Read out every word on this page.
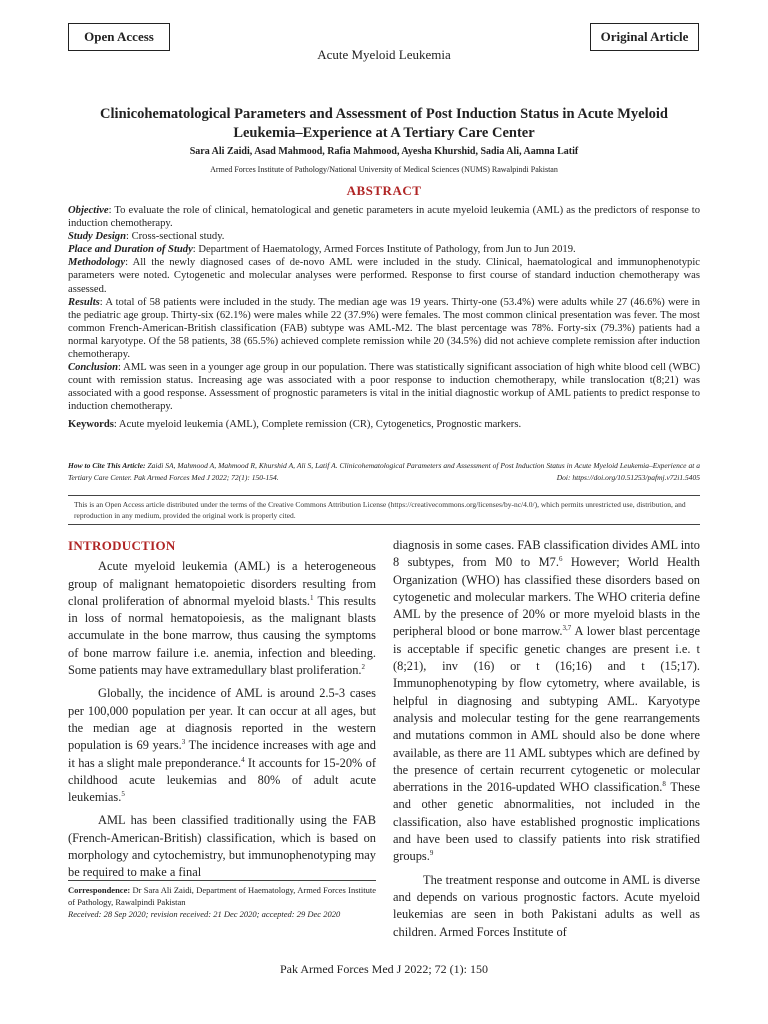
Open Access	Original Article
Acute Myeloid Leukemia
Clinicohematological Parameters and Assessment of Post Induction Status in Acute Myeloid
Leukemia–Experience at A Tertiary Care Center
Sara Ali Zaidi, Asad Mahmood, Rafia Mahmood, Ayesha Khurshid, Sadia Ali, Aamna Latif
Armed Forces Institute of Pathology/National University of Medical Sciences (NUMS) Rawalpindi Pakistan
ABSTRACT

Objective: To evaluate the role of clinical, hematological and genetic parameters in acute myeloid leukemia (AML) as the predictors of response to induction chemotherapy.

Study Design: Cross-sectional study.

Place and Duration of Study: Department of Haematology, Armed Forces Institute of Pathology, from Jun to Jun 2019.

Methodology: All the newly diagnosed cases of de-novo AML were included in the study. Clinical, haematological and immunophenotypic parameters were noted. Cytogenetic and molecular analyses were performed. Response to first course of standard induction chemotherapy was assessed.

Results: A total of 58 patients were included in the study. The median age was 19 years. Thirty-one (53.4%) were adults while 27 (46.6%) were in the pediatric age group. Thirty-six (62.1%) were males while 22 (37.9%) were females. The most common clinical presentation was fever. The most common French-American-British classification (FAB) subtype was AML-M2. The blast percentage was 78%. Forty-six (79.3%) patients had a normal karyotype. Of the 58 patients, 38 (65.5%) achieved complete remission while 20 (34.5%) did not achieve complete remission after induction chemotherapy.

Conclusion: AML was seen in a younger age group in our population. There was statistically significant association of high white blood cell (WBC) count with remission status. Increasing age was associated with a poor response to induction chemotherapy, while translocation t(8;21) was associated with a good response. Assessment of prognostic parameters is vital in the initial diagnostic workup of AML patients to predict response to induction chemotherapy.

Keywords: Acute myeloid leukemia (AML), Complete remission (CR), Cytogenetics, Prognostic markers.

How to Cite This Article: Zaidi SA, Mahmood A, Mahmood R, Khurshid A, Ali S, Latif A. Clinicohematological Parameters and Assessment of Post Induction Status in Acute Myeloid Leukemia–Experience at a Tertiary Care Center. Pak Armed Forces Med J 2022; 72(1): 150-154.	Doi: https://doi.org/10.51253/pafmj.v72i1.5405
This is an Open Access article distributed under the terms of the Creative Commons Attribution License (https://creativecommons.org/licenses/by-nc/4.0/), which permits unrestricted use, distribution, and reproduction in any medium, provided the original work is properly cited.
INTRODUCTION

Acute myeloid leukemia (AML) is a heterogeneous group of malignant hematopoietic disorders resulting from clonal proliferation of abnormal myeloid blasts.$^1$ This results in loss of normal hematopoiesis, as the malignant blasts accumulate in the bone marrow, thus causing the symptoms of bone marrow failure i.e. anemia, infection and bleeding. Some patients may have extramedullary blast proliferation.$^2$

Globally, the incidence of AML is around 2.5-3 cases per 100,000 population per year. It can occur at all ages, but the median age at diagnosis reported in the western population is 69 years.$^3$ The incidence increases with age and it has a slight male preponderance.$^4$ It accounts for 15-20% of childhood acute leukemias and 80% of adult acute leukemias.$^5$

AML has been classified traditionally using the FAB (French-American-British) classification, which is based on morphology and cytochemistry, but immunophenotyping may be required to make a final

diagnosis in some cases. FAB classification divides AML into 8 subtypes, from M0 to M7.$^6$ However; World Health Organization (WHO) has classified these disorders based on cytogenetic and molecular markers. The WHO criteria define AML by the presence of 20% or more myeloid blasts in the peripheral blood or bone marrow.$^{3,7}$ A lower blast percentage is acceptable if specific genetic changes are present i.e. t (8;21), inv (16) or t (16;16) and t (15;17). Immunophenotyping by flow cytometry, where available, is helpful in diagnosing and subtyping AML. Karyotype analysis and molecular testing for the gene rearrangements and mutations common in AML should also be done where available, as there are 11 AML subtypes which are defined by the presence of certain recurrent cytogenetic or molecular aberrations in the 2016-updated WHO classification.$^8$ These and other genetic abnormalities, not included in the classification, also have established prognostic implications and have been used to classify patients into risk stratified groups.$^9$

The treatment response and outcome in AML is diverse and depends on various prognostic factors. Acute myeloid leukemias are seen in both Pakistani adults as well as children. Armed Forces Institute of

Correspondence: Dr Sara Ali Zaidi, Department of Haematology, Armed Forces Institute of Pathology, Rawalpindi Pakistan
Received: 28 Sep 2020; revision received: 21 Dec 2020; accepted: 29 Dec 2020
Pak Armed Forces Med J 2022; 72 (1): 150
